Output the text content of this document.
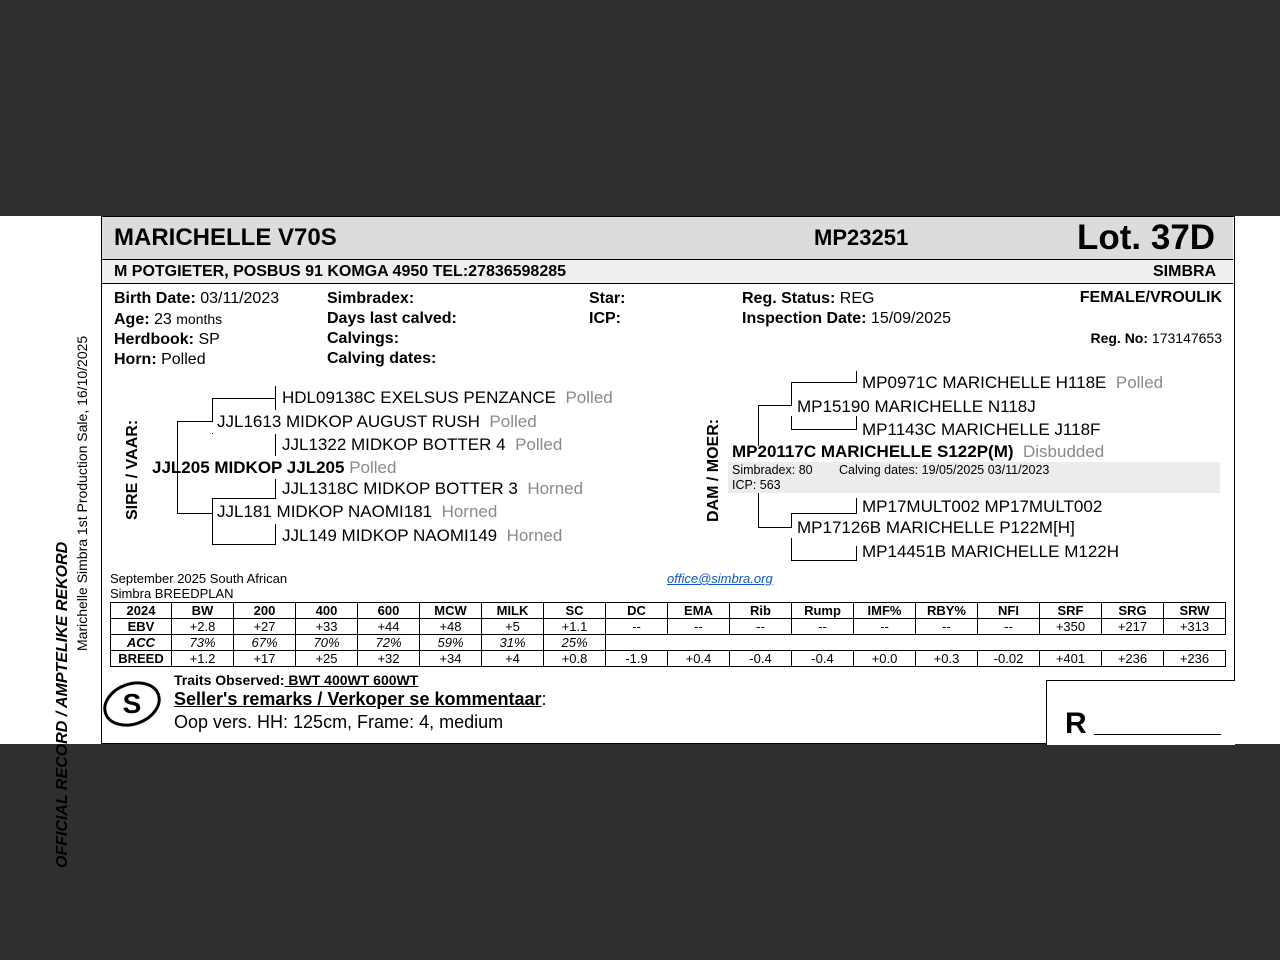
OFFICIAL RECORD / AMPTELIKE REKORD
Marichelle Simbra 1st Production Sale, 16/10/2025
MARICHELLE V70S	MP23251	Lot. 37D
M POTGIETER, POSBUS 91 KOMGA 4950 TEL:27836598285	SIMBRA
Birth Date: 03/11/2023
Age: 23 months
Herdbook: SP
Horn: Polled
Simbradex:
Days last calved:
Calvings:
Calving dates:
Star:
ICP:
Reg. Status: REG
Inspection Date: 15/09/2025
FEMALE/VROULIK
Reg. No: 173147653
SIRE / VAAR:
HDL09138C EXELSUS PENZANCE Polled
JJL1613 MIDKOP AUGUST RUSH Polled
JJL1322 MIDKOP BOTTER 4 Polled
JJL205 MIDKOP JJL205 Polled
JJL1318C MIDKOP BOTTER 3 Horned
JJL181 MIDKOP NAOMI181 Horned
JJL149 MIDKOP NAOMI149 Horned
DAM / MOER:
MP0971C MARICHELLE H118E Polled
MP15190 MARICHELLE N118J
MP1143C MARICHELLE J118F
MP20117C MARICHELLE S122P(M) Disbudded
Simbradex: 80 Calving dates: 19/05/2025 03/11/2023
ICP: 563
MP17MULT002 MP17MULT002
MP17126B MARICHELLE P122M[H]
MP14451B MARICHELLE M122H
September 2025 South African
Simbra BREEDPLAN
office@simbra.org
2024	BW	200	400	600	MCW	MILK	SC	DC	EMA	Rib	Rump	IMF%	RBY%	NFI	SRF	SRG	SRW
EBV	+2.8	+27	+33	+44	+48	+5	+1.1	--	--	--	--	--	--	--	+350	+217	+313
ACC	73%	67%	70%	72%	59%	31%	25%										
BREED	+1.2	+17	+25	+32	+34	+4	+0.8	-1.9	+0.4	-0.4	-0.4	+0.0	+0.3	-0.02	+401	+236	+236
S
Traits Observed: BWT 400WT 600WT
Seller's remarks / Verkoper se kommentaar:
Oop vers. HH: 125cm, Frame: 4, medium	R
